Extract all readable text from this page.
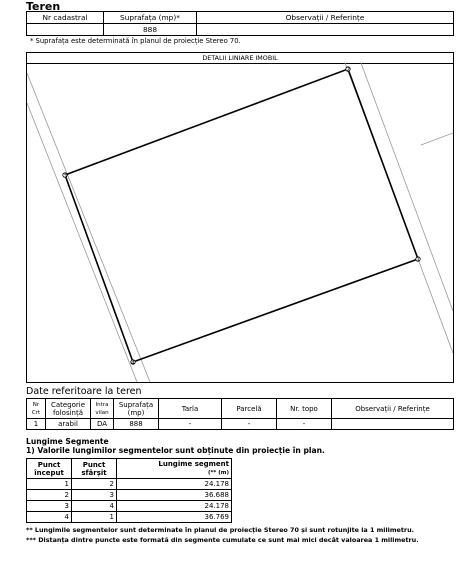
Teren
Nr cadastral	Suprafața (mp)*	Observații / Referințe
	888	
* Suprafața este determinată în planul de proiecție Stereo 70.
DETALII LINIARE IMOBIL
1
2
3
4
Date referitoare la teren
Nr Crt	Categorie folosință	Intra vilan	Suprafața (mp)	Tarla	Parcelă	Nr. topo	Observații / Referințe
1	arabil	DA	888	-	-	-	
Lungime Segmente
1) Valorile lungimilor segmentelor sunt obținute din proiecție în plan.
Punct început	Punct sfârșit	Lungime segment
(** (m)
1	2	24.178
2	3	36.688
3	4	24.178
4	1	36.769
** Lungimile segmentelor sunt determinate în planul de proiecție Stereo 70 și sunt rotunjite la 1 milimetru.
*** Distanța dintre puncte este formată din segmente cumulate ce sunt mai mici decât valoarea 1 milimetru.
